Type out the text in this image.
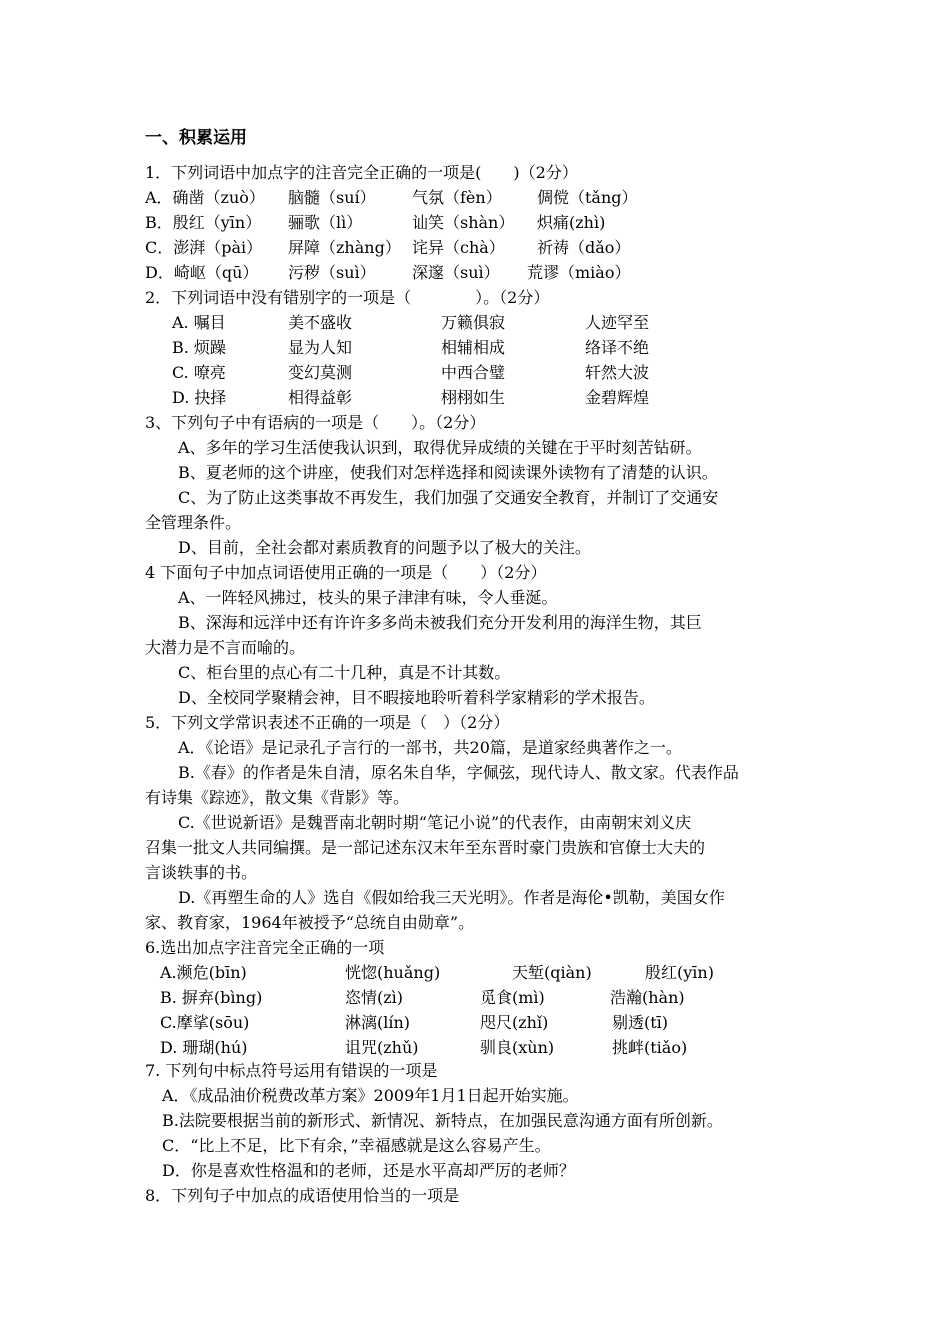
一、积累运用
1．下列词语中加点字的注音完全正确的一项是(　　)（2分）
A．确凿（zuò） 脑髓（suí） 气氛（fèn） 倜傥（tǎng）
B．殷红（yīn） 骊歌（lì）	讪笑（shàn） 炽痛(zhì)
C．澎湃（pài） 屏障（zhàng） 诧异（chà） 祈祷（dǎo）
D．崎岖（qū） 污秽（suì） 深邃（suì） 荒谬（miào）
2．下列词语中没有错别字的一项是（　　　　）。（2分）
A. 嘱目	美不盛收	万籁俱寂	人迹罕至
B. 烦躁	显为人知	相辅相成	络译不绝
C. 嘹亮	变幻莫测	中西合璧	轩然大波
D. 抉择	相得益彰	栩栩如生	金碧辉煌
3、下列句子中有语病的一项是（　　）。（2分）
A、多年的学习生活使我认识到，取得优异成绩的关键在于平时刻苦钻研。
B、夏老师的这个讲座，使我们对怎样选择和阅读课外读物有了清楚的认识。
C、为了防止这类事故不再发生，我们加强了交通安全教育，并制订了交通安
全管理条件。
D、目前，全社会都对素质教育的问题予以了极大的关注。
4 下面句子中加点词语使用正确的一项是（　　）（2分）
A、一阵轻风拂过，枝头的果子津津有味，令人垂涎。
B、深海和远洋中还有许许多多尚未被我们充分开发利用的海洋生物，其巨
大潜力是不言而喻的。
C、柜台里的点心有二十几种，真是不计其数。
D、全校同学聚精会神，目不暇接地聆听着科学家精彩的学术报告。
5．下列文学常识表述不正确的一项是（　）（2分）
A．《论语》是记录孔子言行的一部书，共20篇，是道家经典著作之一。
B.《春》的作者是朱自清，原名朱自华，字佩弦，现代诗人、散文家。代表作品
有诗集《踪迹》，散文集《背影》等。
C.《世说新语》是魏晋南北朝时期“笔记小说”的代表作，由南朝宋刘义庆
召集一批文人共同编撰。是一部记述东汉末年至东晋时豪门贵族和官僚士大夫的
言谈轶事的书。
D.《再塑生命的人》选自《假如给我三天光明》。作者是海伦•凯勒，美国女作
家、教育家，1964年被授予“总统自由勋章”。
6.选出加点字注音完全正确的一项
A.濒危(bīn)	恍惚(huǎng)	天堑(qiàn)	殷红(yīn)
B. 摒弃(bìng)	恣情(zì)	觅食(mì)	浩瀚(hàn)
C.摩挲(sōu)	淋漓(lín)	咫尺(zhǐ)	剔透(tī)
D. 珊瑚(hú)	诅咒(zhǔ)	驯良(xùn)	挑衅(tiǎo)
7. 下列句中标点符号运用有错误的一项是
A．《成品油价税费改革方案》2009年1月1日起开始实施。
B.法院要根据当前的新形式、新情况、新特点，在加强民意沟通方面有所创新。
C．“比上不足，比下有余，”幸福感就是这么容易产生。
D．你是喜欢性格温和的老师，还是水平高却严厉的老师？
8．下列句子中加点的成语使用恰当的一项是
